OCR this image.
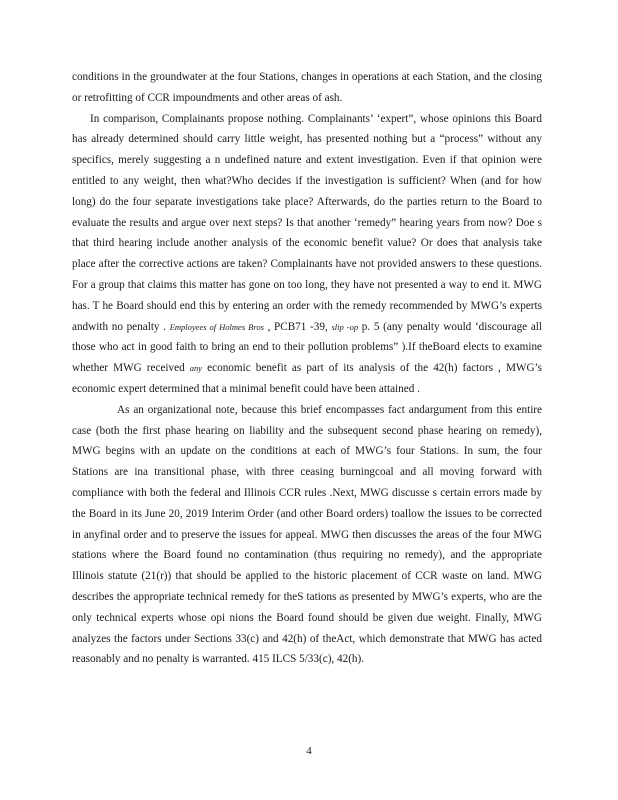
conditions in the groundwater at the four Stations, changes in operations at each Station, and the closing or retrofitting of CCR impoundments and other areas of ash.

In comparison, Complainants propose nothing. Complainants’ ‘expert”, whose opinions this Board has already determined should carry little weight, has presented nothing but a “process” without any specifics, merely suggesting a n undefined nature and extent investigation. Even if that opinion were entitled to any weight, then what?Who decides if the investigation is sufficient? When (and for how long) do the four separate investigations take place? Afterwards, do the parties return to the Board to evaluate the results and argue over next steps? Is that another ‘remedy” hearing years from now? Doe s that third hearing include another analysis of the economic benefit value? Or does that analysis take place after the corrective actions are taken? Complainants have not provided answers to these questions. For a group that claims this matter has gone on too long, they have not presented a way to end it. MWG has. T he Board should end this by entering an order with the remedy recommended by MWG’s experts andwith no penalty . Employees of Holmes Bros , PCB71 -39, slip -op p. 5 (any penalty would ‘discourage all those who act in good faith to bring an end to their pollution problems” ).If theBoard elects to examine whether MWG received any economic benefit as part of its analysis of the 42(h) factors , MWG’s economic expert determined that a minimal benefit could have been attained .

As an organizational note, because this brief encompasses fact andargument from this entire case (both the first phase hearing on liability and the subsequent second phase hearing on remedy), MWG begins with an update on the conditions at each of MWG’s four Stations. In sum, the four Stations are ina transitional phase, with three ceasing burningcoal and all moving forward with compliance with both the federal and Illinois CCR rules .Next, MWG discusse s certain errors made by the Board in its June 20, 2019 Interim Order (and other Board orders) toallow the issues to be corrected in anyfinal order and to preserve the issues for appeal. MWG then discusses the areas of the four MWG stations where the Board found no contamination (thus requiring no remedy), and the appropriate Illinois statute (21(r)) that should be applied to the historic placement of CCR waste on land. MWG describes the appropriate technical remedy for theS tations as presented by MWG’s experts, who are the only technical experts whose opi nions the Board found should be given due weight. Finally, MWG analyzes the factors under Sections 33(c) and 42(h) of theAct, which demonstrate that MWG has acted reasonably and no penalty is warranted. 415 ILCS 5/33(c), 42(h).

4
